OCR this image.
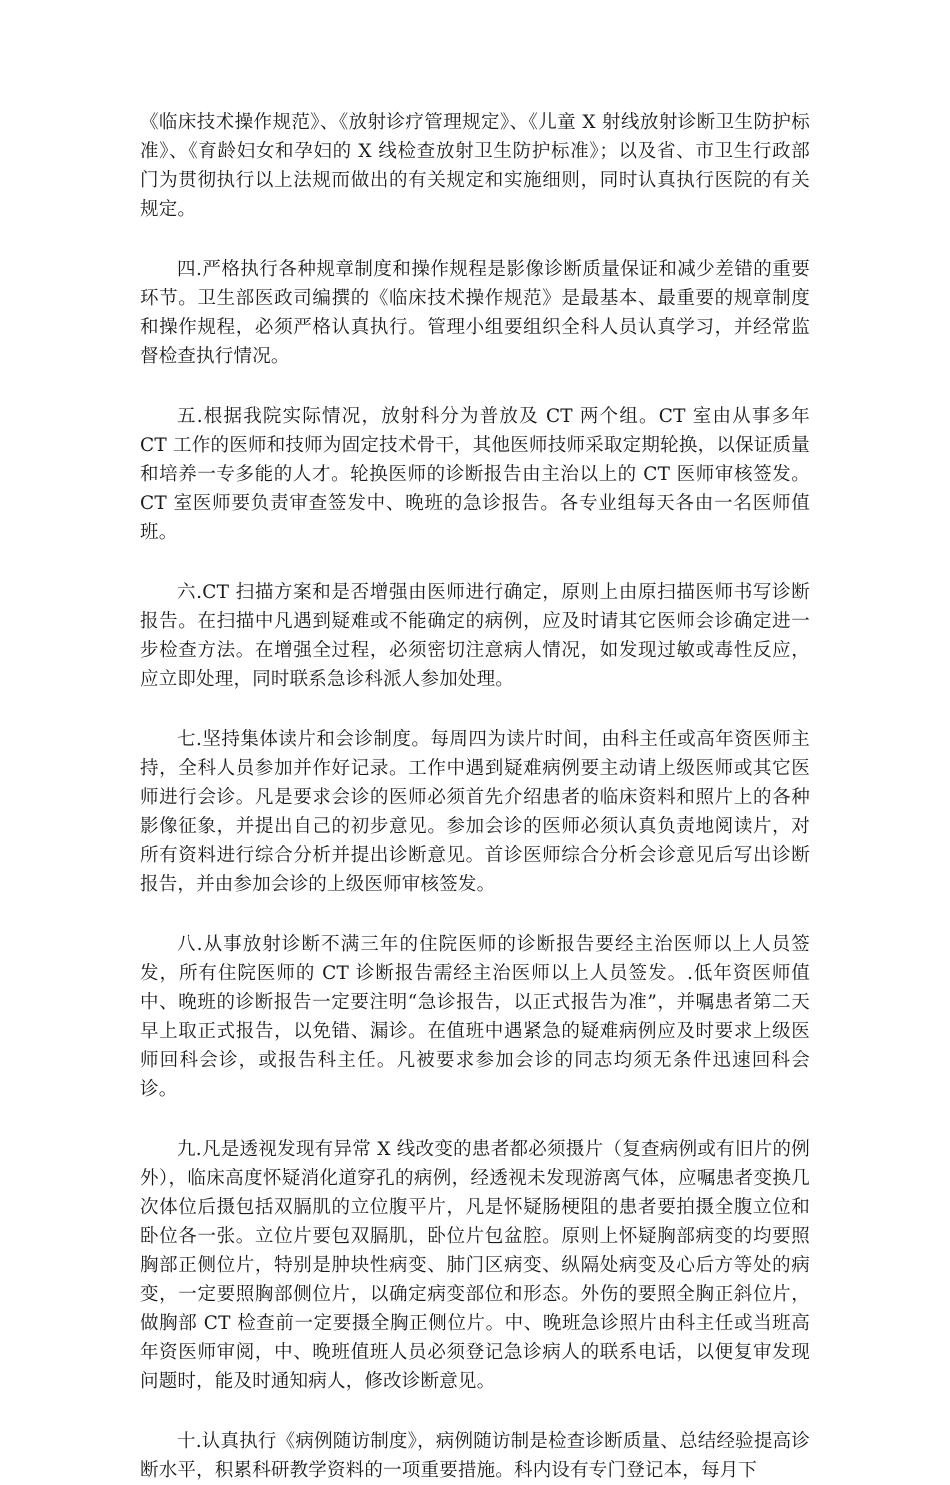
《临床技术操作规范》、《放射诊疗管理规定》、《儿童 X 射线放射诊断卫生防护标准》、《育龄妇女和孕妇的 X 线检查放射卫生防护标准》；以及省、市卫生行政部门为贯彻执行以上法规而做出的有关规定和实施细则，同时认真执行医院的有关规定。

四.严格执行各种规章制度和操作规程是影像诊断质量保证和减少差错的重要环节。卫生部医政司编撰的《临床技术操作规范》是最基本、最重要的规章制度和操作规程，必须严格认真执行。管理小组要组织全科人员认真学习，并经常监督检查执行情况。

五.根据我院实际情况，放射科分为普放及 CT 两个组。CT 室由从事多年 CT 工作的医师和技师为固定技术骨干，其他医师技师采取定期轮换，以保证质量和培养一专多能的人才。轮换医师的诊断报告由主治以上的 CT 医师审核签发。CT 室医师要负责审查签发中、晚班的急诊报告。各专业组每天各由一名医师值班。

六.CT 扫描方案和是否增强由医师进行确定，原则上由原扫描医师书写诊断报告。在扫描中凡遇到疑难或不能确定的病例，应及时请其它医师会诊确定进一步检查方法。在增强全过程，必须密切注意病人情况，如发现过敏或毒性反应，应立即处理，同时联系急诊科派人参加处理。

七.坚持集体读片和会诊制度。每周四为读片时间，由科主任或高年资医师主持，全科人员参加并作好记录。工作中遇到疑难病例要主动请上级医师或其它医师进行会诊。凡是要求会诊的医师必须首先介绍患者的临床资料和照片上的各种影像征象，并提出自己的初步意见。参加会诊的医师必须认真负责地阅读片，对所有资料进行综合分析并提出诊断意见。首诊医师综合分析会诊意见后写出诊断报告，并由参加会诊的上级医师审核签发。

八.从事放射诊断不满三年的住院医师的诊断报告要经主治医师以上人员签发，所有住院医师的 CT 诊断报告需经主治医师以上人员签发。.低年资医师值中、晚班的诊断报告一定要注明“急诊报告，以正式报告为准”，并嘱患者第二天早上取正式报告，以免错、漏诊。在值班中遇紧急的疑难病例应及时要求上级医师回科会诊，或报告科主任。凡被要求参加会诊的同志均须无条件迅速回科会诊。

九.凡是透视发现有异常 X 线改变的患者都必须摄片（复查病例或有旧片的例外），临床高度怀疑消化道穿孔的病例，经透视未发现游离气体，应嘱患者变换几次体位后摄包括双膈肌的立位腹平片，凡是怀疑肠梗阻的患者要拍摄全腹立位和卧位各一张。立位片要包双膈肌，卧位片包盆腔。原则上怀疑胸部病变的均要照胸部正侧位片，特别是肿块性病变、肺门区病变、纵隔处病变及心后方等处的病变，一定要照胸部侧位片，以确定病变部位和形态。外伤的要照全胸正斜位片，做胸部 CT 检查前一定要摄全胸正侧位片。中、晚班急诊照片由科主任或当班高年资医师审阅，中、晚班值班人员必须登记急诊病人的联系电话，以便复审发现问题时，能及时通知病人，修改诊断意见。

十.认真执行《病例随访制度》，病例随访制是检查诊断质量、总结经验提高诊断水平，积累科研教学资料的一项重要措施。科内设有专门登记本，每月下
